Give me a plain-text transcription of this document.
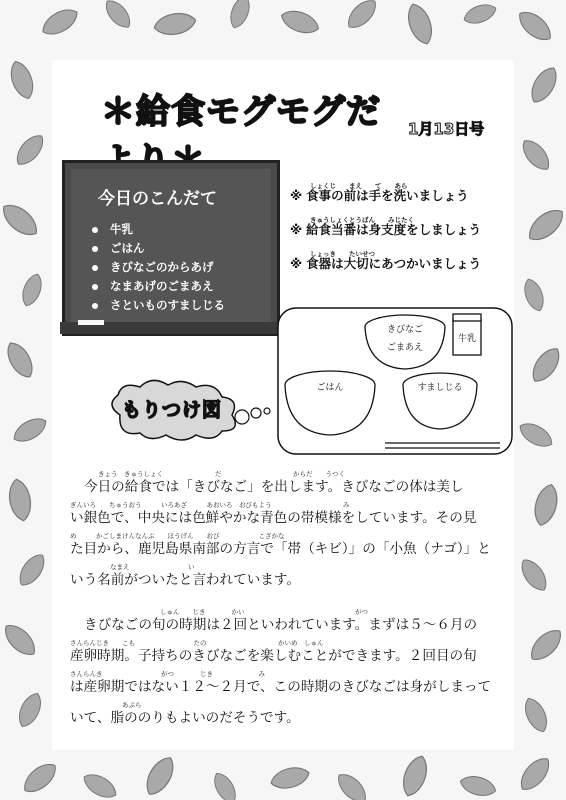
＊給食モグモグだ 1月13日号
今日のこんだて
牛乳
ごはん
きびなごのからあげ
なまあげのごまあえ
さといものすましじる
しょくじ　　まえ　　て　　あら
※ 食事の前は手を洗いましょう
きゅうしょくとうばん　　みじたく
※ 給食当番は身支度をしましょう
しょっき　　たいせつ
※ 食器は大切にあつかいましょう
きびなご
ごまあえ
牛乳
ごはん	すましじる
もりつけ図
きょう　きゅうしょく　　　　　　　　だ　　　　　　　　　　　からだ　　うつく
今日の給食では「きびなご」を出します。きびなごの体は美し
ぎんいろ　　ちゅうおう　　　いろあざ　　　あおいろ　おびもよう　　　　　　　　　　　み
い銀色で、中央には色鮮やかな青色の帯模様をしています。その見
め　　　かごしまけんなんぶ　　ほうげん　　おび　　　　　　こざかな
た目から、鹿児島県南部の方言で「帯（キビ）」の「小魚（ナゴ）」と
なまえ　　　　　　　　　い
いう名前がついたと言われています。
しゅん　　じき　　　　かい　　　　　　　　　　　　　　　　　がつ
きびなごの旬の時期は２回といわれています。まずは５～６月の
さんらんじき　　こも　　　　　　　　　たの　　　　　　　　　　　かいめ　しゅん
産卵時期。子持ちのきびなごを楽しむことができます。２回目の旬
さんらんき　　　　　　　　　がつ　　　　じき　　　　　　　み
は産卵期ではない１２～２月で、この時期のきびなごは身がしまって
あぶら
いて、脂ののりもよいのだそうです。
